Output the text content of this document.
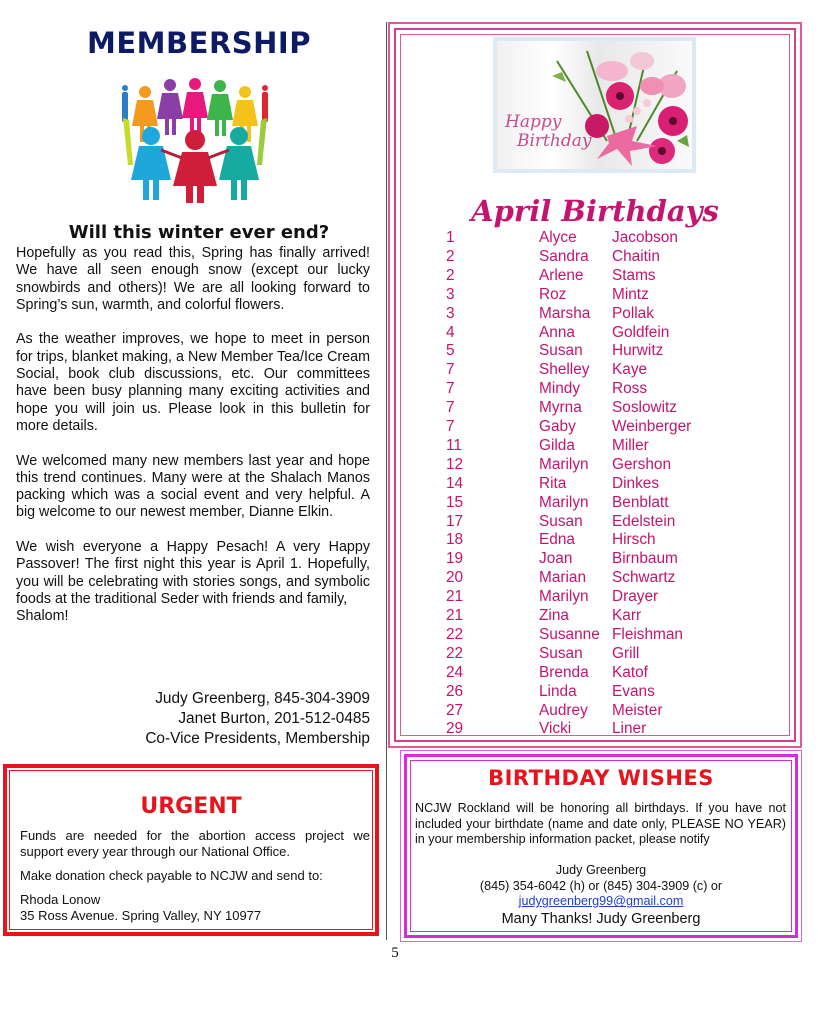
MEMBERSHIP
Will this winter ever end?

Hopefully as you read this, Spring has finally arrived! We have all seen enough snow (except our lucky snowbirds and others)! We are all looking forward to Spring’s sun, warmth, and colorful flowers.

As the weather improves, we hope to meet in person for trips, blanket making, a New Member Tea/Ice Cream Social, book club discussions, etc. Our committees have been busy planning many exciting activities and hope you will join us. Please look in this bulletin for more details.

We welcomed many new members last year and hope this trend continues. Many were at the Shalach Manos packing which was a social event and very helpful. A big welcome to our newest member, Dianne Elkin.

We wish everyone a Happy Pesach! A very Happy Passover! The first night this year is April 1. Hopefully, you will be celebrating with stories songs, and symbolic foods at the traditional Seder with friends and family,

Shalom!
Judy Greenberg, 845-304-3909
Janet Burton, 201-512-0485
Co-Vice Presidents, Membership
URGENT

Funds are needed for the abortion access project we support every year through our National Office.

Make donation check payable to NCJW and send to:

Rhoda Lonow
35 Ross Avenue. Spring Valley, NY 10977
Happy
Birthday
April Birthdays
1	Alyce Jacobson
2	Sandra Chaitin
2	Arlene Stams
3	Roz	Mintz
3	Marsha Pollak
4	Anna Goldfein
5	Susan Hurwitz
7	Shelley Kaye
7	Mindy Ross
7	Myrna Soslowitz
7	Gaby Weinberger
11	Gilda Miller
12	Marilyn Gershon
14	Rita	Dinkes
15	Marilyn Benblatt
17	Susan Edelstein
18	Edna Hirsch
19	Joan	Birnbaum
20	Marian Schwartz
21	Marilyn Drayer
21	Zina	Karr
22	Susanne Fleishman
22	Susan Grill
24	Brenda Katof
26	Linda Evans
27	Audrey Meister
29	Vicki	Liner
BIRTHDAY WISHES
NCJW Rockland will be honoring all birthdays. If you have not included your birthdate (name and date only, PLEASE NO YEAR) in your membership information packet, please notify
Judy Greenberg
(845) 354-6042 (h) or (845) 304-3909 (c) or
judygreenberg99@gmail.com
Many Thanks! Judy Greenberg
5
